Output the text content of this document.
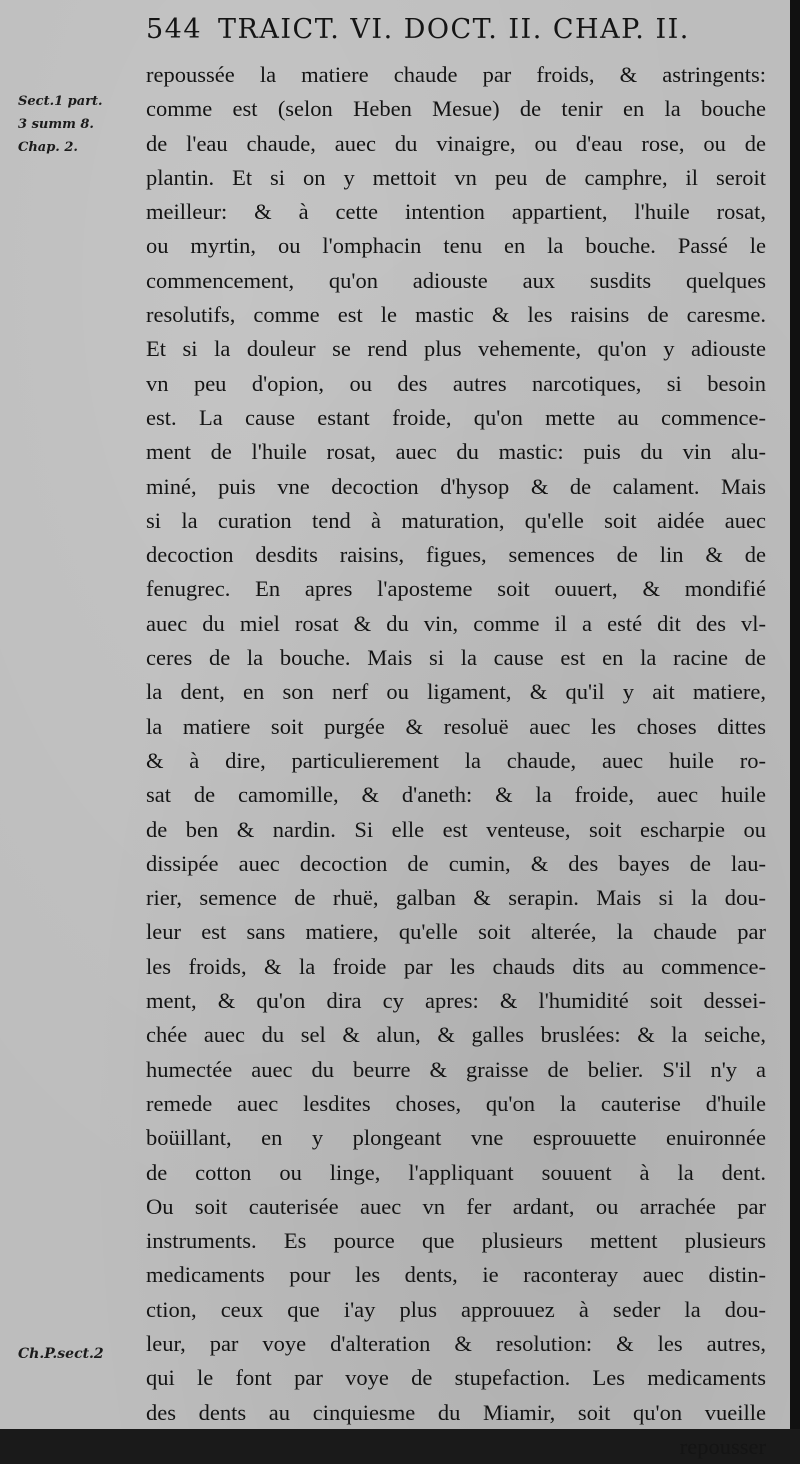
544 TRAICT. VI. DOCT. II. CHAP. II.
Sect.1 part.
3 summ 8.
Chap. 2.
Ch.P.sect.2
repoussée la matiere chaude par froids, & astringents:
comme est (selon Heben Mesue) de tenir en la bouche
de l'eau chaude, auec du vinaigre, ou d'eau rose, ou de
plantin. Et si on y mettoit vn peu de camphre, il seroit
meilleur: & à cette intention appartient, l'huile rosat,
ou myrtin, ou l'omphacin tenu en la bouche. Passé le
commencement, qu'on adiouste aux susdits quelques
resolutifs, comme est le mastic & les raisins de caresme.
Et si la douleur se rend plus vehemente, qu'on y adiouste
vn peu d'opion, ou des autres narcotiques, si besoin
est. La cause estant froide, qu'on mette au commence-
ment de l'huile rosat, auec du mastic: puis du vin alu-
miné, puis vne decoction d'hysop & de calament. Mais
si la curation tend à maturation, qu'elle soit aidée auec
decoction desdits raisins, figues, semences de lin & de
fenugrec. En apres l'aposteme soit ouuert, & mondifié
auec du miel rosat & du vin, comme il a esté dit des vl-
ceres de la bouche. Mais si la cause est en la racine de
la dent, en son nerf ou ligament, & qu'il y ait matiere,
la matiere soit purgée & resoluë auec les choses dittes
& à dire, particulierement la chaude, auec huile ro-
sat de camomille, & d'aneth: & la froide, auec huile
de ben & nardin. Si elle est venteuse, soit escharpie ou
dissipée auec decoction de cumin, & des bayes de lau-
rier, semence de rhuë, galban & serapin. Mais si la dou-
leur est sans matiere, qu'elle soit alterée, la chaude par
les froids, & la froide par les chauds dits au commence-
ment, & qu'on dira cy apres: & l'humidité soit dessei-
chée auec du sel & alun, & galles bruslées: & la seiche,
humectée auec du beurre & graisse de belier. S'il n'y a
remede auec lesdites choses, qu'on la cauterise d'huile
boüillant, en y plongeant vne esprouuette enuironnée
de cotton ou linge, l'appliquant souuent à la dent.
Ou soit cauterisée auec vn fer ardant, ou arrachée par
instruments. Es pource que plusieurs mettent plusieurs
medicaments pour les dents, ie raconteray auec distin-
ction, ceux que i'ay plus approuuez à seder la dou-
leur, par voye d'alteration & resolution: & les autres,
qui le font par voye de stupefaction. Les medicaments
des dents au cinquiesme du Miamir, soit qu'on vueille
repousser
